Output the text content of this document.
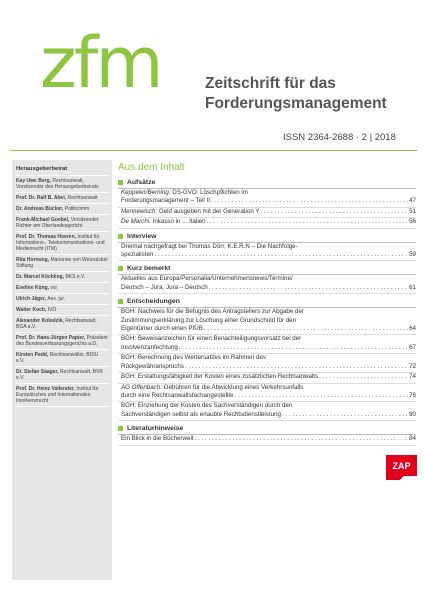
zfm	Zeitschrift für das
Forderungsmanagement
ISSN 2364-2688 · 2 | 2018
Herausgeberbeirat
Kay Uwe Berg, Rechtsanwalt, Vorsitzender des Herausgeberbeirats
Prof. Dr. Ralf B. Abel, Rechtsanwalt
Dr. Andreas Bücker, Politicomm
Frank-Michael Goebel, Vorsitzender Richter am Oberlandesgericht
Prof. Dr. Thomas Hoeren, Institut für Informations-, Telekommunikations- und Medienrecht (ITM)
Rita Hornung, Marianne von Weizsäcker Stiftung
Dr. Marcel Köchling, BKS e.V.
Eveline Küng, vsi
Ulrich Jäger, Ass. jur.
Walter Koch, IVO
Alexander Kolodzik, Rechtsanwalt, BGA e.V.
Prof. Dr. Hans-Jürgen Papier, Präsident des Bundesverfassungsgerichts a.D.
Kirsten Pedd, Rechtsanwältin, BDIU e.V.
Dr. Stefan Saager, Rechtsanwalt, BVR e.V.
Prof. Dr. Heinz Vallender, Institut für Europäisches und Internationales Insolvenzrecht
Aus dem Inhalt
Aufsätze
Keppeler/Berning: DS-GVO: Löschpflichten im
Forderungsmanagement – Teil II . . .	47
Mennewisch: Geld ausgeben mit der Generation Y . . .	51
De Marchi: Inkasso in ... Italien . . .	56
Interview
Dreimal nachgefragt bei Thomas Dörr, K.E.R.N – Die Nachfolge-
spezialisten . . .	59
Kurz bemerkt
Aktuelles aus Europa/Personalia/Unternehmensnews/Termine/
Deutsch – Jura, Jura – Deutsch . . .	61
Entscheidungen
BGH: Nachweis für die Befugnis des Antragstellers zur Abgabe der
Zustimmungserklärung zur Löschung einer Grundschuld für den
Eigentümer durch einen PfÜB . . .	64
BGH: Beweisanzeichen für einen Benachteiligungsvorsatz bei der
Insolvenzanfechtung . . .	67
BGH: Berechnung des Wertersatzes im Rahmen des
Rückgewähranspruchs . . .	72
BGH: Erstattungsfähigkeit der Kosten eines zusätzlichen Rechtsanwalts . . .	74
AG Offenbach: Gebühren für die Abwicklung eines Verkehrsunfalls
durch eine Rechtsanwaltsfachangestellte . . .	78
BGH: Einziehung der Kosten des Sachverständigen durch den
Sachverständigen selbst als erlaubte Rechtsdienstleistung . . .	80
Literaturhinweise
Ein Blick in die Bücherwelt . . .	84
ZAP
